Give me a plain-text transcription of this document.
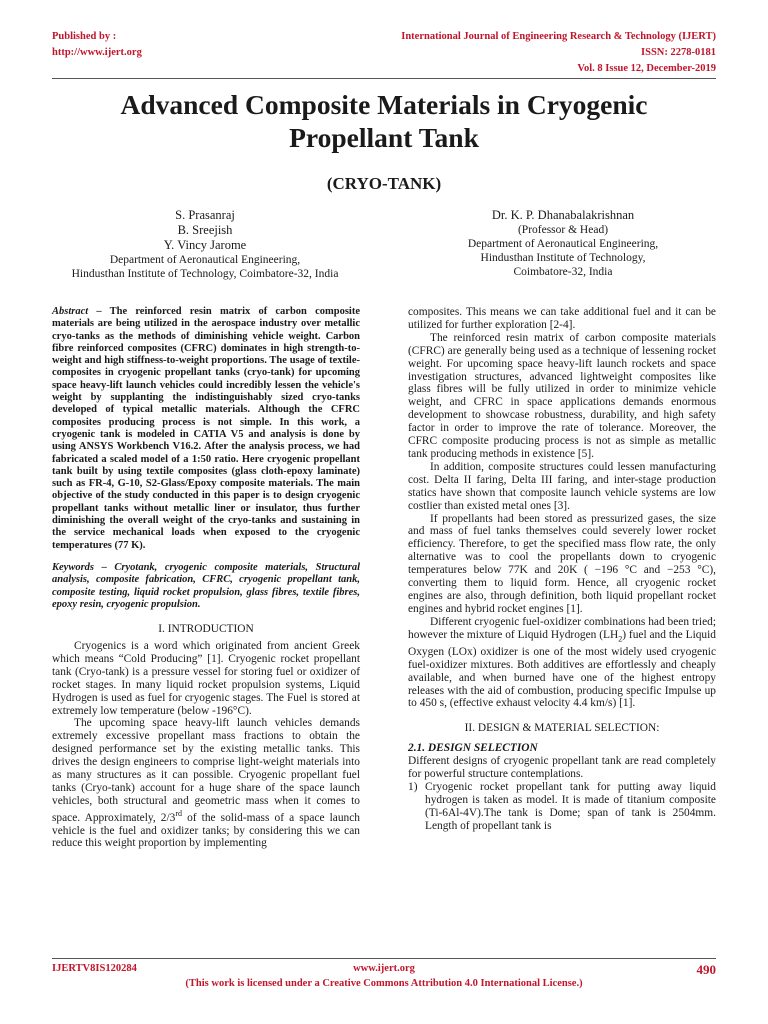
Published by :
http://www.ijert.org
International Journal of Engineering Research & Technology (IJERT)
ISSN: 2278-0181
Vol. 8 Issue 12, December-2019
Advanced Composite Materials in Cryogenic
Propellant Tank
(CRYO-TANK)
S. Prasanraj
B. Sreejish
Y. Vincy Jarome
Department of Aeronautical Engineering,
Hindusthan Institute of Technology, Coimbatore-32, India
Dr. K. P. Dhanabalakrishnan
(Professor & Head)
Department of Aeronautical Engineering,
Hindusthan Institute of Technology,
Coimbatore-32, India

Abstract – The reinforced resin matrix of carbon composite materials are being utilized in the aerospace industry over metallic cryo-tanks as the methods of diminishing vehicle weight. Carbon fibre reinforced composites (CFRC) dominates in high strength-to-weight and high stiffness-to-weight proportions. The usage of textile-composites in cryogenic propellant tanks (cryo-tank) for upcoming space heavy-lift launch vehicles could incredibly lessen the vehicle's weight by supplanting the indistinguishably sized cryo-tanks developed of typical metallic materials. Although the CFRC composites producing process is not simple. In this work, a cryogenic tank is modeled in CATIA V5 and analysis is done by using ANSYS Workbench V16.2. After the analysis process, we had fabricated a scaled model of a 1:50 ratio. Here cryogenic propellant tank built by using textile composites (glass cloth-epoxy laminate) such as FR-4, G-10, S2-Glass/Epoxy composite materials. The main objective of the study conducted in this paper is to design cryogenic propellant tanks without metallic liner or insulator, thus further diminishing the overall weight of the cryo-tanks and sustaining in the service mechanical loads when exposed to the cryogenic temperatures (77 K).

Keywords – Cryotank, cryogenic composite materials, Structural analysis, composite fabrication, CFRC, cryogenic propellant tank, composite testing, liquid rocket propulsion, glass fibres, textile fibres, epoxy resin, cryogenic propulsion.

I. INTRODUCTION

Cryogenics is a word which originated from ancient Greek which means “Cold Producing” [1]. Cryogenic rocket propellant tank (Cryo-tank) is a pressure vessel for storing fuel or oxidizer of rocket stages. In many liquid rocket propulsion systems, Liquid Hydrogen is used as fuel for cryogenic stages. The Fuel is stored at extremely low temperature (below -196°C).

The upcoming space heavy-lift launch vehicles demands extremely excessive propellant mass fractions to obtain the designed performance set by the existing metallic tanks. This drives the design engineers to comprise light-weight materials into as many structures as it can possible. Cryogenic propellant fuel tanks (Cryo-tank) account for a huge share of the space launch vehicles, both structural and geometric mass when it comes to space. Approximately, 2/3rd of the solid-mass of a space launch vehicle is the fuel and oxidizer tanks; by considering this we can reduce this weight proportion by implementing

composites. This means we can take additional fuel and it can be utilized for further exploration [2-4].

The reinforced resin matrix of carbon composite materials (CFRC) are generally being used as a technique of lessening rocket weight. For upcoming space heavy-lift launch rockets and space investigation structures, advanced lightweight composites like glass fibres will be fully utilized in order to minimize vehicle weight, and CFRC in space applications demands enormous development to showcase robustness, durability, and high safety factor in order to improve the rate of tolerance. Moreover, the CFRC composite producing process is not as simple as metallic tank producing methods in existence [5].

In addition, composite structures could lessen manufacturing cost. Delta II faring, Delta III faring, and inter-stage production statics have shown that composite launch vehicle systems are low costlier than existed metal ones [3].

If propellants had been stored as pressurized gases, the size and mass of fuel tanks themselves could severely lower rocket efficiency. Therefore, to get the specified mass flow rate, the only alternative was to cool the propellants down to cryogenic temperatures below 77K and 20K ( −196 °C and −253 °C), converting them to liquid form. Hence, all cryogenic rocket engines are also, through definition, both liquid propellant rocket engines and hybrid rocket engines [1].

Different cryogenic fuel-oxidizer combinations had been tried; however the mixture of Liquid Hydrogen $(LH_2)$ fuel and the Liquid Oxygen (LOx) oxidizer is one of the most widely used cryogenic fuel-oxidizer mixtures. Both additives are effortlessly and cheaply available, and when burned have one of the highest entropy releases with the aid of combustion, producing specific Impulse up to 450 s, (effective exhaust velocity 4.4 km/s) [1].

II. DESIGN & MATERIAL SELECTION:

2.1. DESIGN SELECTION

Different designs of cryogenic propellant tank are read completely for powerful structure contemplations.

1) Cryogenic rocket propellant tank for putting away liquid hydrogen is taken as model. It is made of titanium composite (Ti-6Al-4V).The tank is Dome; span of tank is 2504mm. Length of propellant tank is

IJERTV8IS120284	www.ijert.org	490
(This work is licensed under a Creative Commons Attribution 4.0 International License.)
